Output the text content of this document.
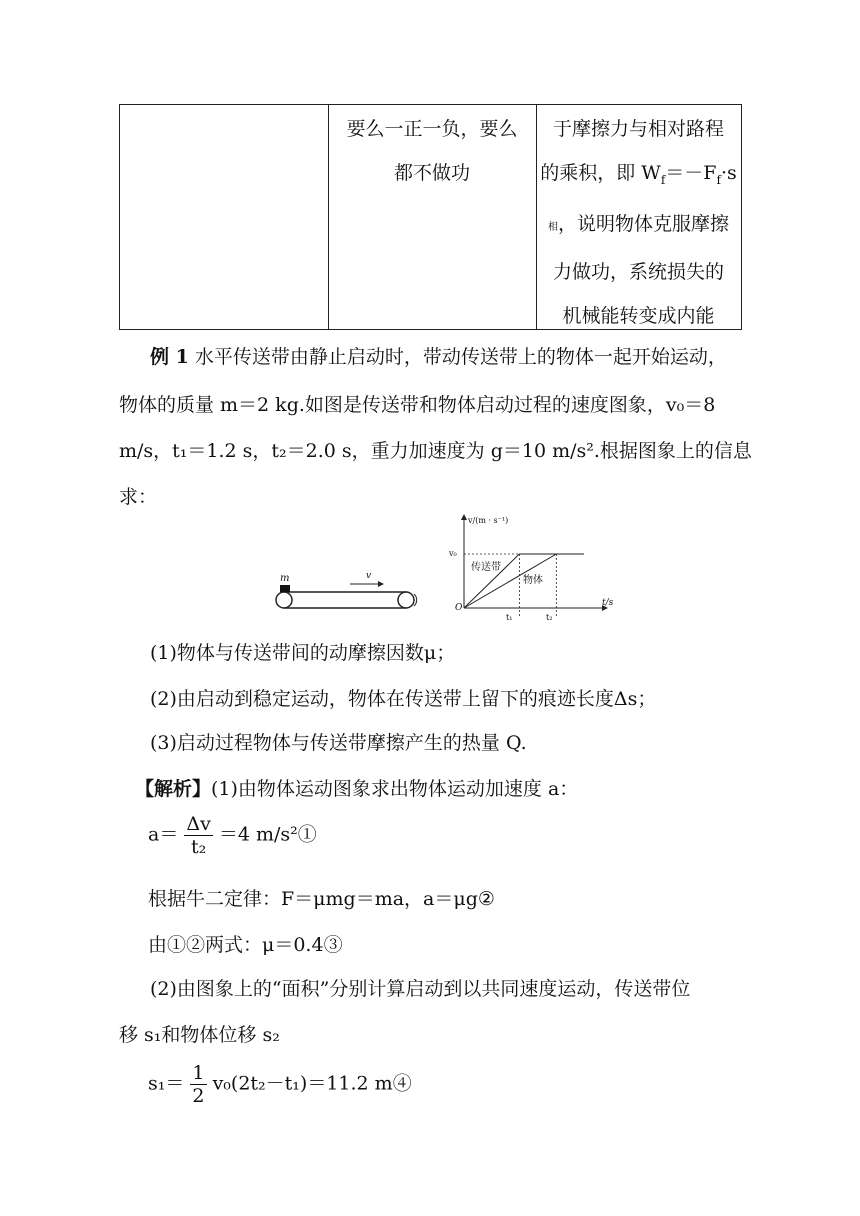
要么一正一负，要么
都不做功
于摩擦力与相对路程
的乘积，即 $W_f=-F_f\cdot s$
相，说明物体克服摩擦
力做功，系统损失的
机械能转变成内能
例 1 水平传送带由静止启动时，带动传送带上的物体一起开始运动，
物体的质量 m＝2 kg.如图是传送带和物体启动过程的速度图象，v₀＝8
m/s，t₁＝1.2 s，t₂＝2.0 s，重力加速度为 g＝10 m/s².根据图象上的信息
求：
m	v
v/(m · s⁻¹)
t/s
O
v₀
t₁	t₂
传送带
物体
(1)物体与传送带间的动摩擦因数μ；
(2)由启动到稳定运动，物体在传送带上留下的痕迹长度Δs；
(3)启动过程物体与传送带摩擦产生的热量 Q.
【解析】(1)由物体运动图象求出物体运动加速度 a：
$a= \frac{\Delta v}{\text{t₂}} =4$ m/s²①
根据牛二定律：F＝μmg＝ma，a＝μg②
由①②两式：μ＝0.4③
(2)由图象上的“面积”分别计算启动到以共同速度运动，传送带位
移 s₁和物体位移 s₂
$s_1= \frac{1}{2} v_0(2t_2-t_1)=11.2$ m④
